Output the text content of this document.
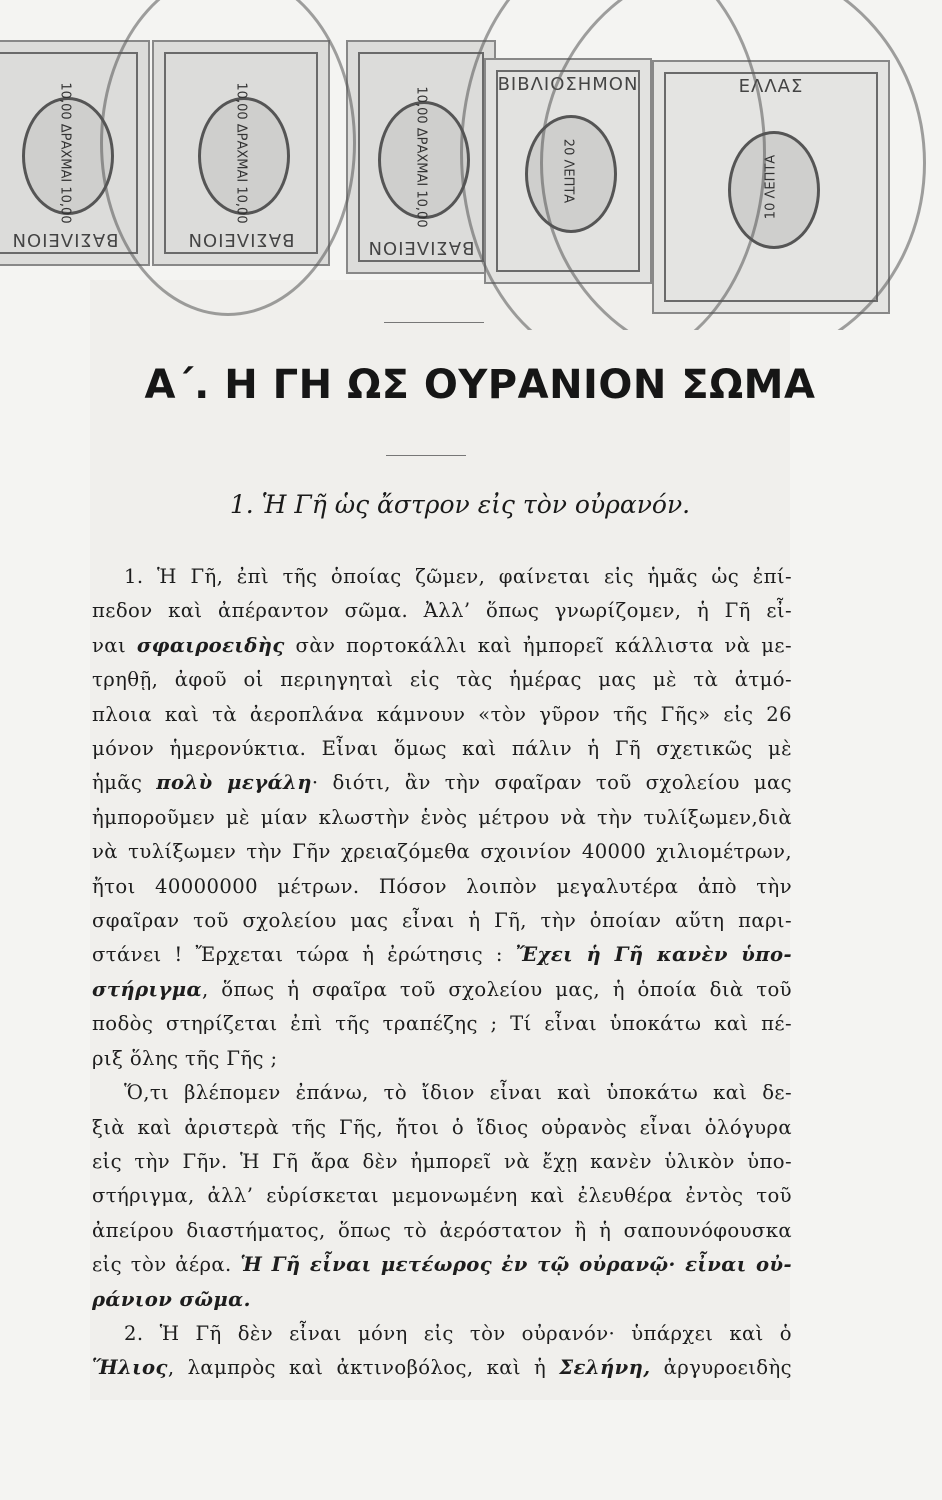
10,00 ΔΡΑΧΜΑΙ 10,00
ΒΑΣΙΛΕΙΟΝ
10,00 ΔΡΑΧΜΑΙ 10,00
ΒΑΣΙΛΕΙΟΝ
10,00 ΔΡΑΧΜΑΙ 10,00
ΒΑΣΙΛΕΙΟΝ
20 ΛΕΠΤΑ
ΒΙΒΛΙΟΣΗΜΟΝ
10 ΛΕΠΤΑ
ΕΛΛΑΣ
Α΄. Η ΓΗ ΩΣ ΟΥΡΑΝΙΟΝ ΣΩΜΑ
1. Ἡ Γῆ ὡς ἄστρον εἰς τὸν οὐρανόν.
1. Ἡ Γῆ, ἐπὶ τῆς ὁποίας ζῶμεν, φαίνεται εἰς ἡμᾶς ὡς ἐπί-
πεδον καὶ ἀπέραντον σῶμα. Ἀλλ’ ὅπως γνωρίζομεν, ἡ Γῆ εἶ-
ναι σφαιροειδὴς σὰν πορτοκάλλι καὶ ἠμπορεῖ κάλλιστα νὰ με-
τρηθῇ, ἀφοῦ οἱ περιηγηταὶ εἰς τὰς ἡμέρας μας μὲ τὰ ἀτμό-
πλοια καὶ τὰ ἀεροπλάνα κάμνουν «τὸν γῦρον τῆς Γῆς» εἰς 26
μόνον ἡμερονύκτια. Εἶναι ὅμως καὶ πάλιν ἡ Γῆ σχετικῶς μὲ
ἡμᾶς πολὺ μεγάλη· διότι, ἂν τὴν σφαῖραν τοῦ σχολείου μας
ἠμποροῦμεν μὲ μίαν κλωστὴν ἑνὸς μέτρου νὰ τὴν τυλίξωμεν,διὰ
νὰ τυλίξωμεν τὴν Γῆν χρειαζόμεθα σχοινίον 40000 χιλιομέτρων,
ἤτοι 40000000 μέτρων. Πόσον λοιπὸν μεγαλυτέρα ἀπὸ τὴν
σφαῖραν τοῦ σχολείου μας εἶναι ἡ Γῆ, τὴν ὁποίαν αὕτη παρι-
στάνει ! Ἔρχεται τώρα ἡ ἐρώτησις : Ἔχει ἡ Γῆ κανὲν ὑπο-
στήριγμα, ὅπως ἡ σφαῖρα τοῦ σχολείου μας, ἡ ὁποία διὰ τοῦ
ποδὸς στηρίζεται ἐπὶ τῆς τραπέζης ; Τί εἶναι ὑποκάτω καὶ πέ-
ριξ ὅλης τῆς Γῆς ;
Ὅ,τι βλέπομεν ἐπάνω, τὸ ἴδιον εἶναι καὶ ὑποκάτω καὶ δε-
ξιὰ καὶ ἀριστερὰ τῆς Γῆς, ἤτοι ὁ ἴδιος οὐρανὸς εἶναι ὁλόγυρα
εἰς τὴν Γῆν. Ἡ Γῆ ἄρα δὲν ἠμπορεῖ νὰ ἔχῃ κανὲν ὑλικὸν ὑπο-
στήριγμα, ἀλλ’ εὑρίσκεται μεμονωμένη καὶ ἐλευθέρα ἐντὸς τοῦ
ἀπείρου διαστήματος, ὅπως τὸ ἀερόστατον ἢ ἡ σαπουνόφουσκα
εἰς τὸν ἀέρα. Ἡ Γῆ εἶναι μετέωρος ἐν τῷ οὐρανῷ· εἶναι οὐ-
ράνιον σῶμα.
2. Ἡ Γῆ δὲν εἶναι μόνη εἰς τὸν οὐρανόν· ὑπάρχει καὶ ὁ
Ἥλιος, λαμπρὸς καὶ ἀκτινοβόλος, καὶ ἡ Σελήνη, ἀργυροειδὴς
